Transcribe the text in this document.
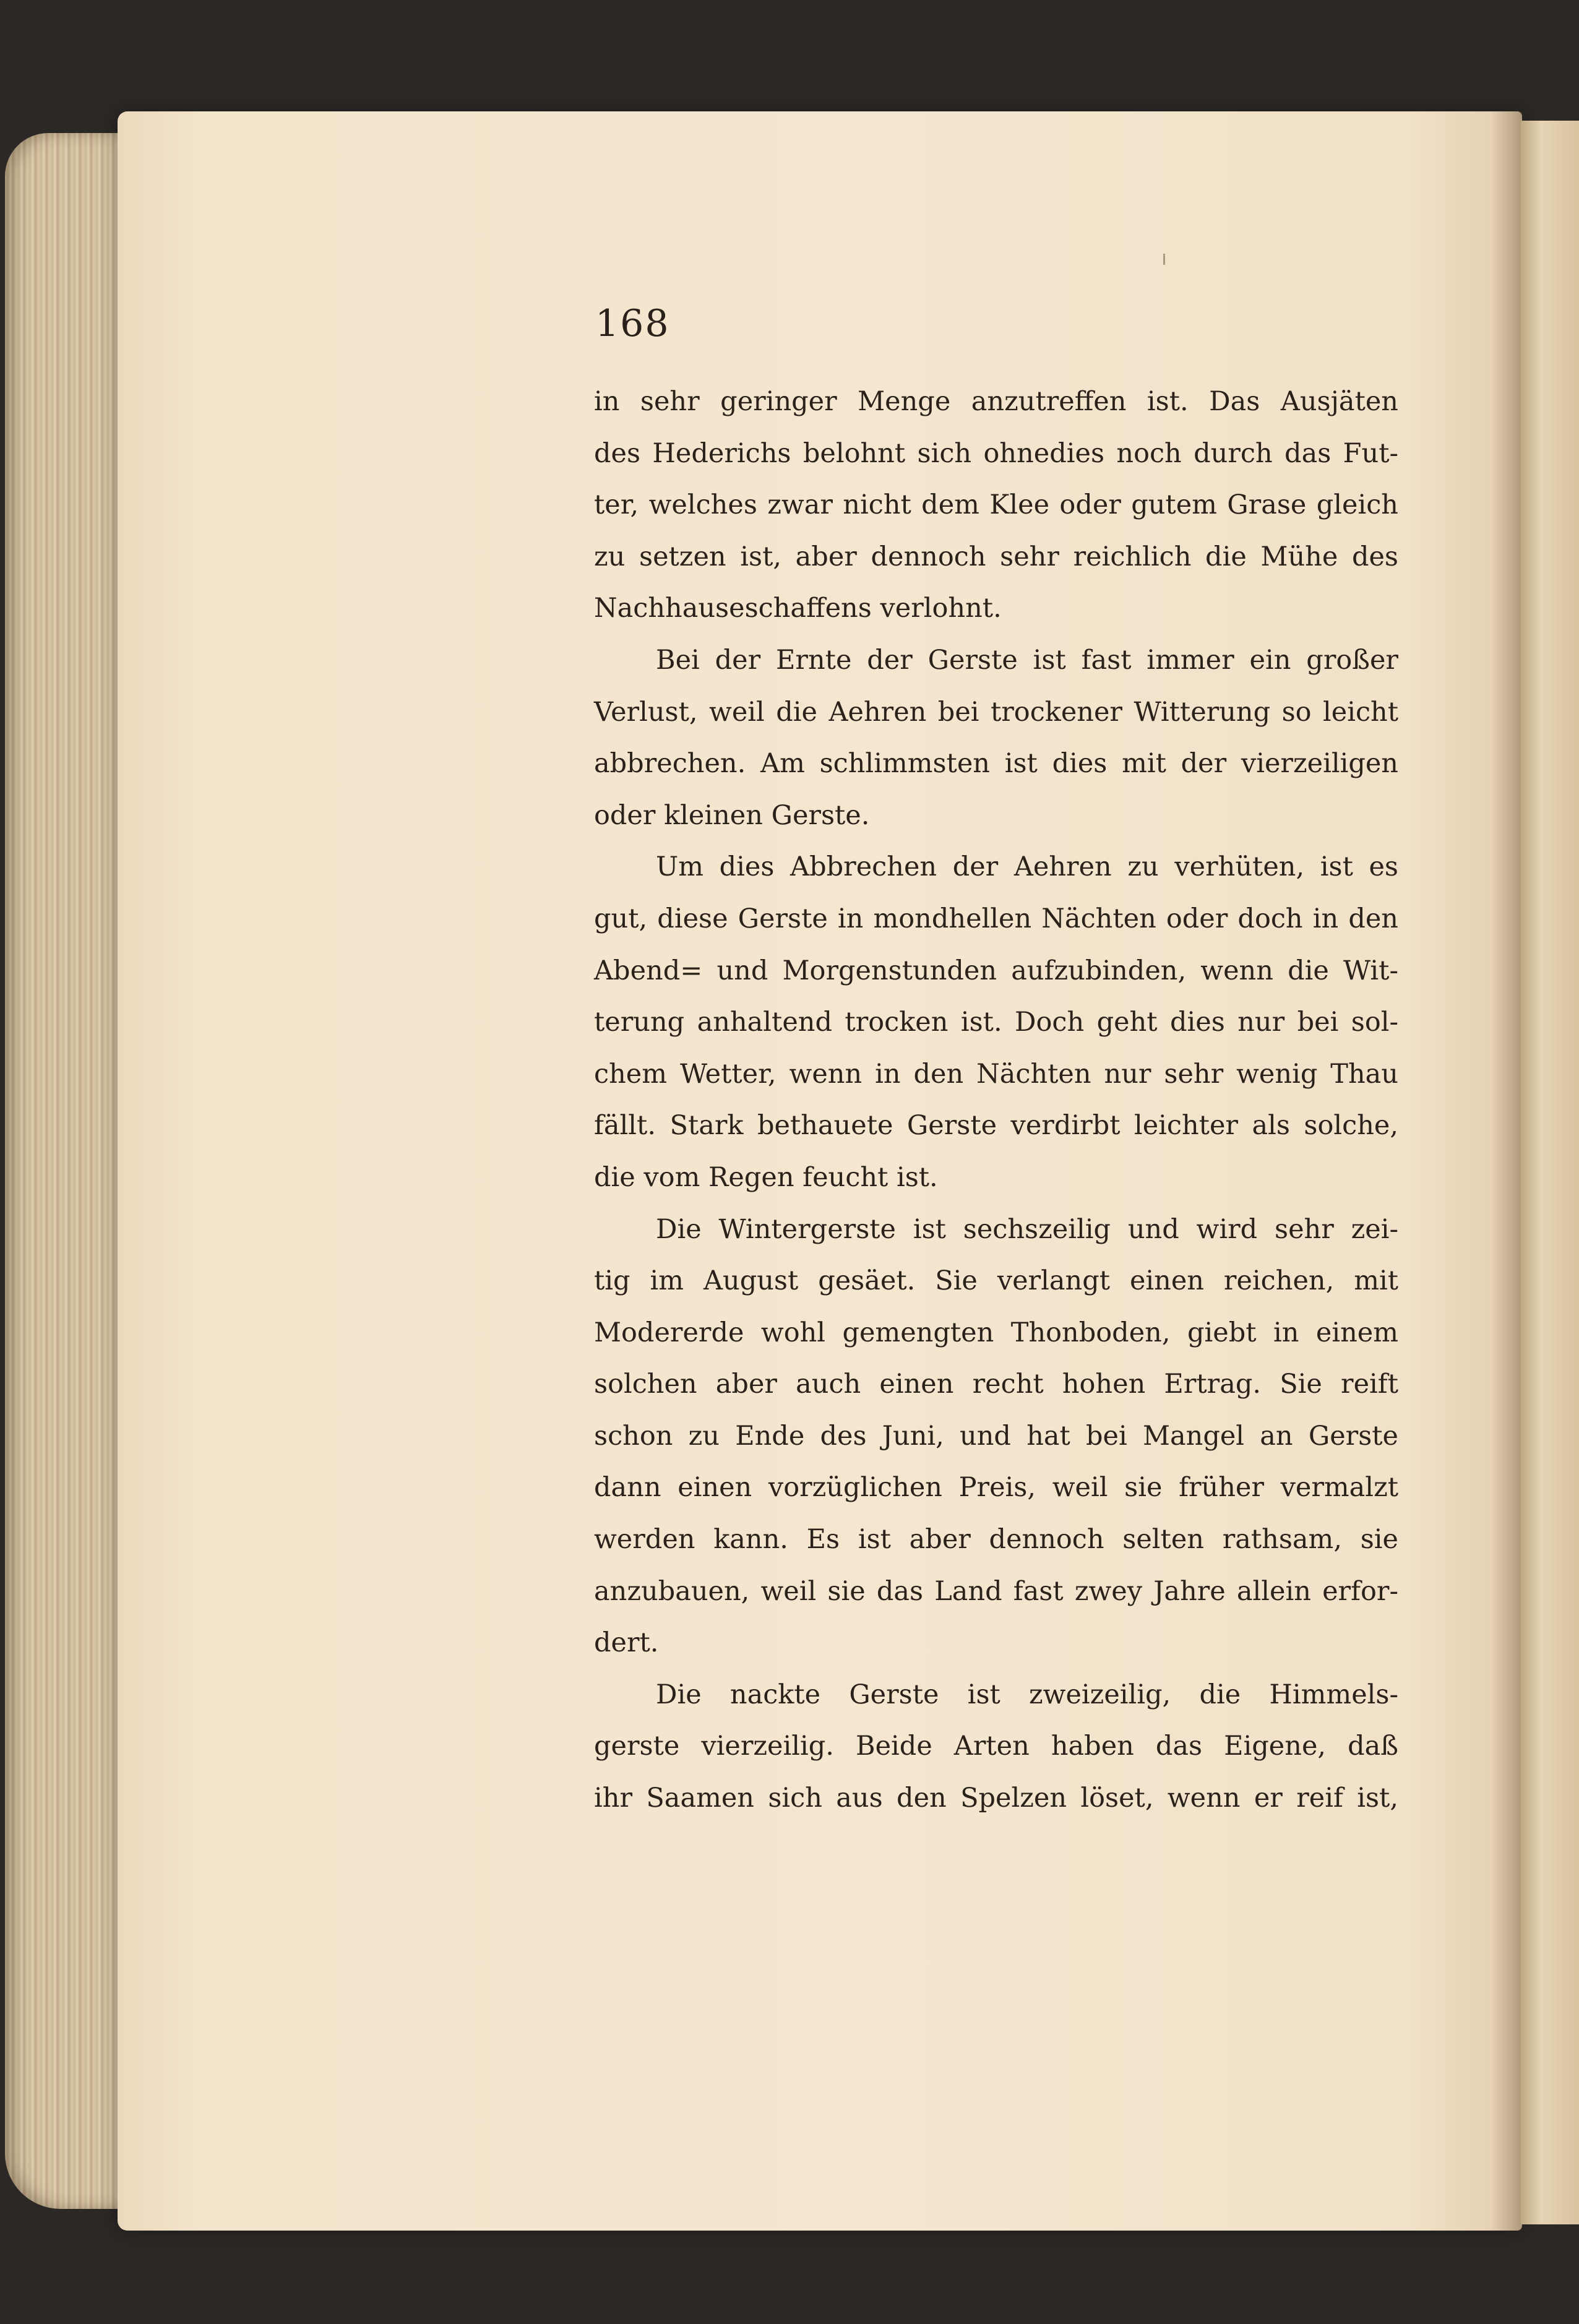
168

in sehr geringer Menge anzutreffen ist. Das Ausjäten
des Hederichs belohnt sich ohnedies noch durch das Fut-
ter, welches zwar nicht dem Klee oder gutem Grase gleich
zu setzen ist, aber dennoch sehr reichlich die Mühe des
Nachhauseschaffens verlohnt.

Bei der Ernte der Gerste ist fast immer ein großer
Verlust, weil die Aehren bei trockener Witterung so leicht
abbrechen. Am schlimmsten ist dies mit der vierzeiligen
oder kleinen Gerste.

Um dies Abbrechen der Aehren zu verhüten, ist es
gut, diese Gerste in mondhellen Nächten oder doch in den
Abend= und Morgenstunden aufzubinden, wenn die Wit-
terung anhaltend trocken ist. Doch geht dies nur bei sol-
chem Wetter, wenn in den Nächten nur sehr wenig Thau
fällt. Stark bethauete Gerste verdirbt leichter als solche,
die vom Regen feucht ist.

Die Wintergerste ist sechszeilig und wird sehr zei-
tig im August gesäet. Sie verlangt einen reichen, mit
Modererde wohl gemengten Thonboden, giebt in einem
solchen aber auch einen recht hohen Ertrag. Sie reift
schon zu Ende des Juni, und hat bei Mangel an Gerste
dann einen vorzüglichen Preis, weil sie früher vermalzt
werden kann. Es ist aber dennoch selten rathsam, sie
anzubauen, weil sie das Land fast zwey Jahre allein erfor-
dert.

Die nackte Gerste ist zweizeilig, die Himmels-
gerste vierzeilig. Beide Arten haben das Eigene, daß
ihr Saamen sich aus den Spelzen löset, wenn er reif ist,
